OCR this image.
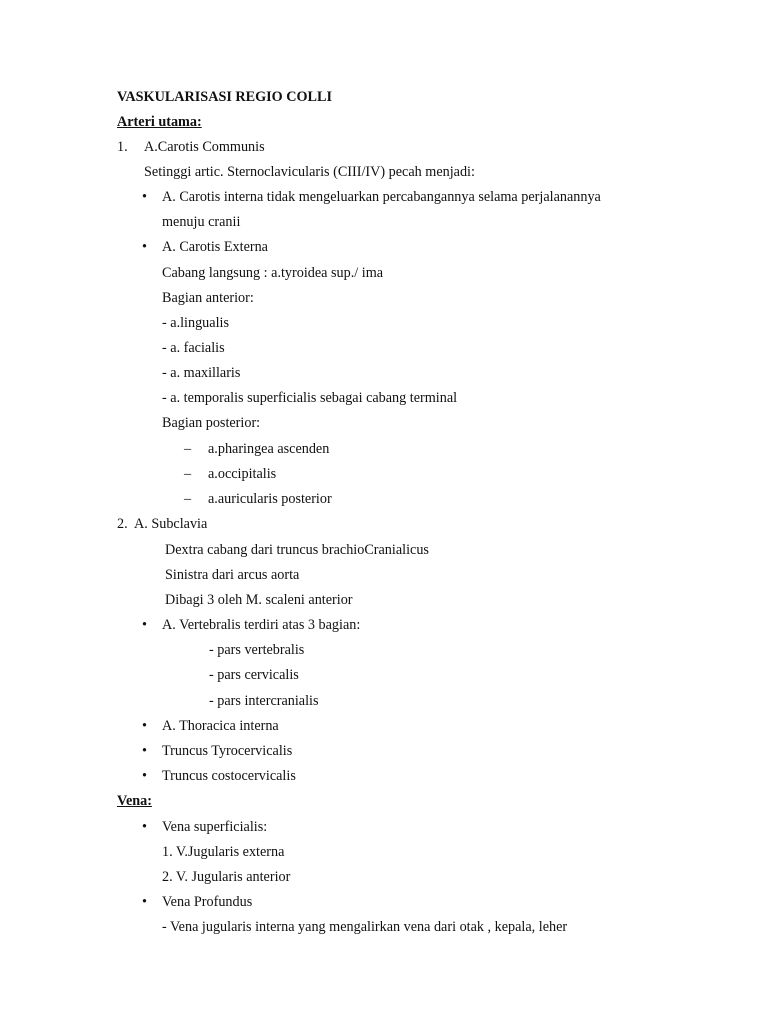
VASKULARISASI REGIO COLLI
Arteri utama:
1. A.Carotis Communis
Setinggi artic. Sternoclavicularis (CIII/IV) pecah menjadi:
• A. Carotis interna tidak mengeluarkan percabangannya selama perjalanannya
menuju cranii
• A. Carotis Externa
Cabang langsung : a.tyroidea sup./ ima
Bagian anterior:
- a.lingualis
- a. facialis
- a. maxillaris
- a. temporalis superficialis sebagai cabang terminal
Bagian posterior:
– a.pharingea ascenden
– a.occipitalis
– a.auricularis posterior
2. A. Subclavia
Dextra cabang dari truncus brachioCranialicus
Sinistra dari arcus aorta
Dibagi 3 oleh M. scaleni anterior
• A. Vertebralis terdiri atas 3 bagian:
- pars vertebralis
- pars cervicalis
- pars intercranialis
• A. Thoracica interna
• Truncus Tyrocervicalis
• Truncus costocervicalis
Vena:
• Vena superficialis:
1. V.Jugularis externa
2. V. Jugularis anterior
• Vena Profundus
- Vena jugularis interna yang mengalirkan vena dari otak , kepala, leher
